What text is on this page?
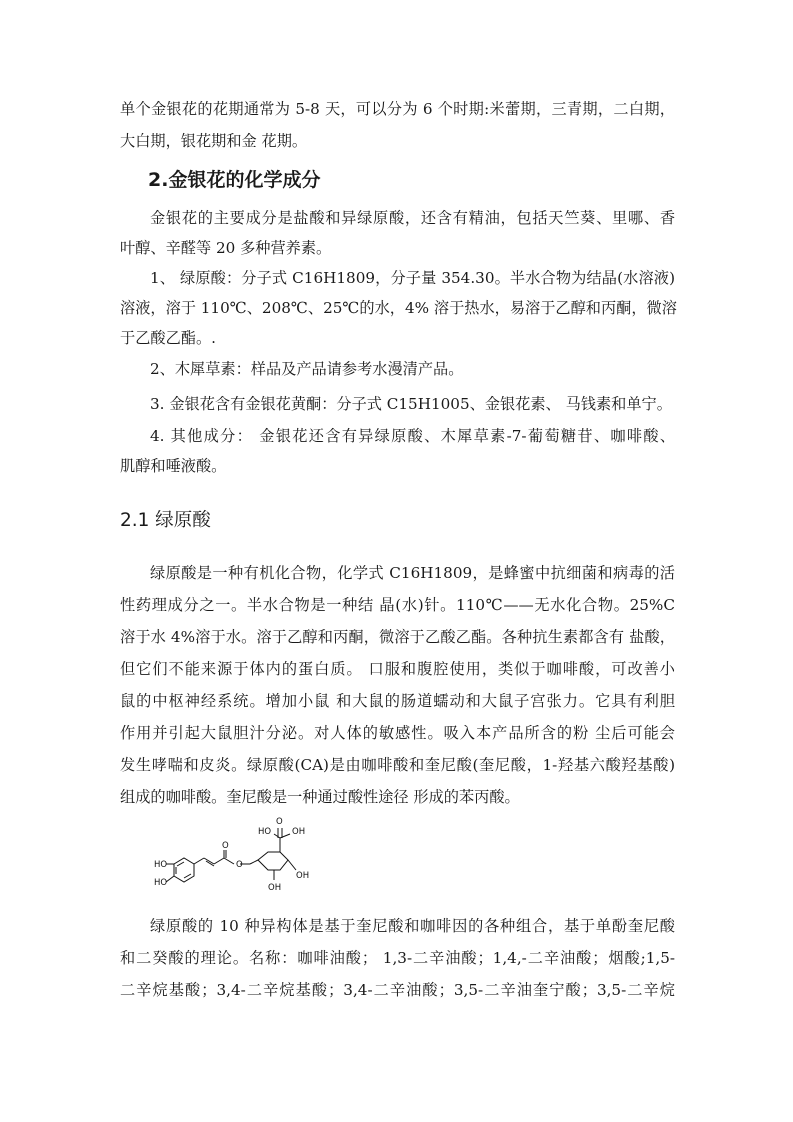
单个金银花的花期通常为 5-8 天，可以分为 6 个时期:米蕾期，三青期，二白期，
大白期，银花期和金 花期。
2.金银花的化学成分
金银花的主要成分是盐酸和异绿原酸，还含有精油，包括天竺葵、里哪、香
叶醇、辛醛等 20 多种营养素。
1、 绿原酸：分子式 C16H1809，分子量 354.30。半水合物为结晶(水溶液)
溶液，溶于 110℃、208℃、25℃的水，4% 溶于热水，易溶于乙醇和丙酮，微溶
于乙酸乙酯。.
2、木犀草素：样品及产品请参考水漫清产品。
3. 金银花含有金银花黄酮：分子式 C15H1005、金银花素、 马钱素和单宁。
4. 其他成分： 金银花还含有异绿原酸、木犀草素-7-葡萄糖苷、咖啡酸、
肌醇和唾液酸。
2.1 绿原酸
绿原酸是一种有机化合物，化学式 C16H1809，是蜂蜜中抗细菌和病毒的活
性药理成分之一。半水合物是一种结 晶(水)针。110℃——无水化合物。25%C
溶于水 4%溶于水。溶于乙醇和丙酮，微溶于乙酸乙酯。各种抗生素都含有 盐酸，
但它们不能来源于体内的蛋白质。 口服和腹腔使用，类似于咖啡酸，可改善小
鼠的中枢神经系统。增加小鼠 和大鼠的肠道蠕动和大鼠子宫张力。它具有利胆
作用并引起大鼠胆汁分泌。对人体的敏感性。吸入本产品所含的粉 尘后可能会
发生哮喘和皮炎。绿原酸(CA)是由咖啡酸和奎尼酸(奎尼酸，1-羟基六酸羟基酸)
组成的咖啡酸。奎尼酸是一种通过酸性途径 形成的苯丙酸。
HO
HO
O
O
HO
O
OH
OH
OH
绿原酸的 10 种异构体是基于奎尼酸和咖啡因的各种组合，基于单酚奎尼酸
和二癸酸的理论。名称：咖啡油酸； 1,3-二辛油酸；1,4,-二辛油酸；烟酸;1,5-
二辛烷基酸；3,4-二辛烷基酸；3,4-二辛油酸；3,5-二辛油奎宁酸；3,5-二辛烷
